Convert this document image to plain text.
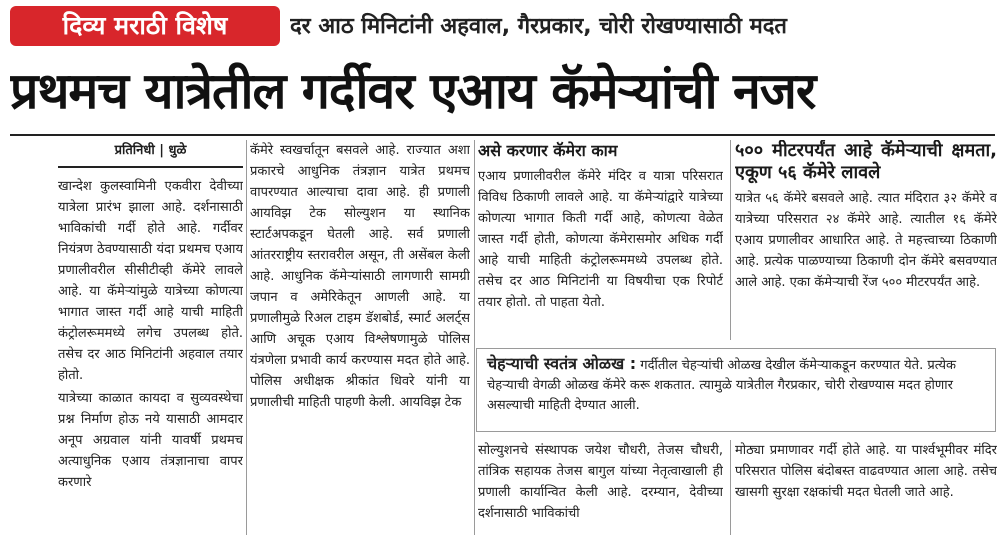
दिव्य मराठी विशेष	दर आठ मिनिटांनी अहवाल, गैरप्रकार, चोरी रोखण्यासाठी मदत
प्रथमच यात्रेतील गर्दीवर एआय कॅमेऱ्यांची नजर
प्रतिनिधी | धुळे

खान्देश कुलस्वामिनी एकवीरा देवीच्या यात्रेला प्रारंभ झाला आहे. दर्शनासाठी भाविकांची गर्दी होते आहे. गर्दीवर नियंत्रण ठेवण्यासाठी यंदा प्रथमच एआय प्रणालीवरील सीसीटीव्ही कॅमेरे लावले आहे. या कॅमेऱ्यांमुळे यात्रेच्या कोणत्या भागात जास्त गर्दी आहे याची माहिती कंट्रोलरूममध्ये लगेच उपलब्ध होते. तसेच दर आठ मिनिटांनी अहवाल तयार होतो.

यात्रेच्या काळात कायदा व सुव्यवस्थेचा प्रश्न निर्माण होऊ नये यासाठी आमदार अनूप अग्रवाल यांनी यावर्षी प्रथमच अत्याधुनिक एआय तंत्रज्ञानाचा वापर करणारे

कॅमेरे स्वखर्चातून बसवले आहे. राज्यात अशा प्रकारचे आधुनिक तंत्रज्ञान यात्रेत प्रथमच वापरण्यात आल्याचा दावा आहे. ही प्रणाली आयविझ टेक सोल्युशन या स्थानिक स्टार्टअपकडून घेतली आहे. सर्व प्रणाली आंतरराष्ट्रीय स्तरावरील असून, ती असेंबल केली आहे. आधुनिक कॅमेऱ्यांसाठी लागणारी सामग्री जपान व अमेरिकेतून आणली आहे. या प्रणालीमुळे रिअल टाइम डॅशबोर्ड, स्मार्ट अलर्ट्स आणि अचूक एआय विश्लेषणामुळे पोलिस यंत्रणेला प्रभावी कार्य करण्यास मदत होते आहे. पोलिस अधीक्षक श्रीकांत धिवरे यांनी या प्रणालीची माहिती पाहणी केली. आयविझ टेक

असे करणार कॅमेरा काम

एआय प्रणालीवरील कॅमेरे मंदिर व यात्रा परिसरात विविध ठिकाणी लावले आहे. या कॅमेऱ्यांद्वारे यात्रेच्या कोणत्या भागात किती गर्दी आहे, कोणत्या वेळेत जास्त गर्दी होती, कोणत्या कॅमेरासमोर अधिक गर्दी आहे याची माहिती कंट्रोलरूममध्ये उपलब्ध होते. तसेच दर आठ मिनिटांनी या विषयीचा एक रिपोर्ट तयार होतो. तो पाहता येतो.

५०० मीटरपर्यंत आहे कॅमेऱ्याची क्षमता, एकूण ५६ कॅमेरे लावले

यात्रेत ५६ कॅमेरे बसवले आहे. त्यात मंदिरात ३२ कॅमेरे व यात्रेच्या परिसरात २४ कॅमेरे आहे. त्यातील १६ कॅमेरे एआय प्रणालीवर आधारित आहे. ते महत्त्वाच्या ठिकाणी आहे. प्रत्येक पाळण्याच्या ठिकाणी दोन कॅमेरे बसवण्यात आले आहे. एका कॅमेऱ्याची रेंज ५०० मीटरपर्यंत आहे.

चेहऱ्याची स्वतंत्र ओळख : गर्दीतील चेहऱ्यांची ओळख देखील कॅमेऱ्याकडून करण्यात येते. प्रत्येक चेहऱ्याची वेगळी ओळख कॅमेरे करू शकतात. त्यामुळे यात्रेतील गैरप्रकार, चोरी रोखण्यास मदत होणार असल्याची माहिती देण्यात आली.
सोल्युशनचे संस्थापक जयेश चौधरी, तेजस चौधरी, तांत्रिक सहायक तेजस बागुल यांच्या नेतृत्वाखाली ही प्रणाली कार्यान्वित केली आहे. दरम्यान, देवीच्या दर्शनासाठी भाविकांची
मोठ्या प्रमाणावर गर्दी होते आहे. या पार्श्वभूमीवर मंदिर परिसरात पोलिस बंदोबस्त वाढवण्यात आला आहे. तसेच खासगी सुरक्षा रक्षकांची मदत घेतली जाते आहे.
